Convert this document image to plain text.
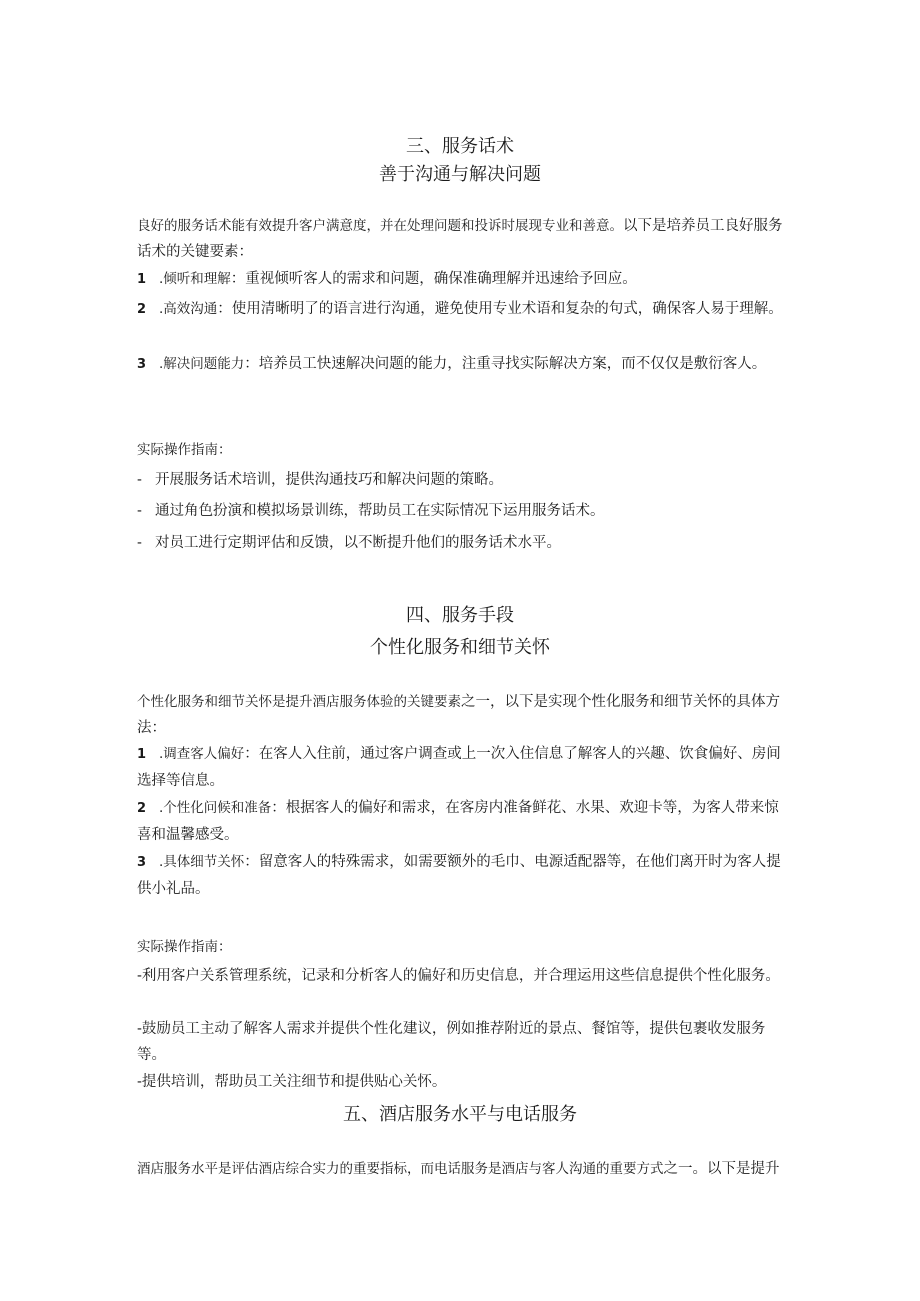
三、服务话术
善于沟通与解决问题
良好的服务话术能有效提升客户满意度，并在处理问题和投诉时展现专业和善意。以下是培养员工良好服务话术的关键要素：
1 .倾听和理解：重视倾听客人的需求和问题，确保准确理解并迅速给予回应。
2 .高效沟通：使用清晰明了的语言进行沟通，避免使用专业术语和复杂的句式，确保客人易于理解。
3 .解决问题能力：培养员工快速解决问题的能力，注重寻找实际解决方案，而不仅仅是敷衍客人。
实际操作指南：
- 开展服务话术培训，提供沟通技巧和解决问题的策略。
- 通过角色扮演和模拟场景训练，帮助员工在实际情况下运用服务话术。
- 对员工进行定期评估和反馈，以不断提升他们的服务话术水平。
四、服务手段
个性化服务和细节关怀
个性化服务和细节关怀是提升酒店服务体验的关键要素之一，以下是实现个性化服务和细节关怀的具体方法：
1 .调查客人偏好：在客人入住前，通过客户调查或上一次入住信息了解客人的兴趣、饮食偏好、房间选择等信息。
2 .个性化问候和准备：根据客人的偏好和需求，在客房内准备鲜花、水果、欢迎卡等，为客人带来惊喜和温馨感受。
3 .具体细节关怀：留意客人的特殊需求，如需要额外的毛巾、电源适配器等，在他们离开时为客人提供小礼品。
实际操作指南：
-利用客户关系管理系统，记录和分析客人的偏好和历史信息，并合理运用这些信息提供个性化服务。
-鼓励员工主动了解客人需求并提供个性化建议，例如推荐附近的景点、餐馆等，提供包裹收发服务等。
-提供培训，帮助员工关注细节和提供贴心关怀。
五、酒店服务水平与电话服务
酒店服务水平是评估酒店综合实力的重要指标，而电话服务是酒店与客人沟通的重要方式之一。以下是提升
